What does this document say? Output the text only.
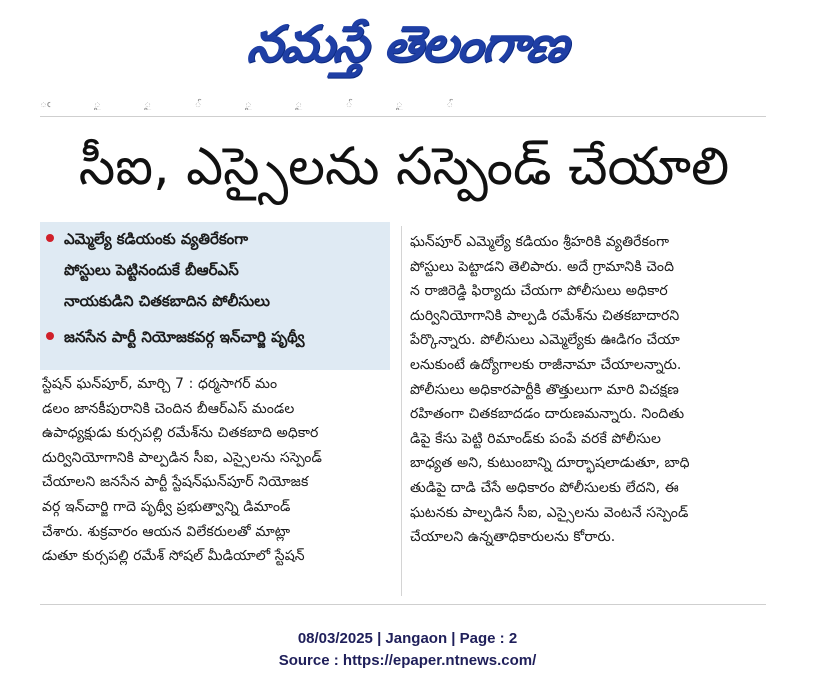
నమస్తే తెలంగాణ
ఁ ౖ ౖ ౕ ౖ ౖ ౕ ౖ ౕ
సీఐ, ఎస్సైలను సస్పెండ్‌ చేయాలి
ఎమ్మెల్యే కడియంకు వ్యతిరేకంగా
పోస్టులు పెట్టినందుకే బీఆర్‌ఎస్‌
నాయకుడిని చితకబాదిన పోలీసులు
జనసేన పార్టీ నియోజకవర్గ ఇన్‌చార్జి పృథ్వీ
స్టేషన్‌ ఘన్‌పూర్‌, మార్చి 7 : ధర్మసాగర్‌ మం
డలం జానకీపురానికి చెందిన బీఆర్‌ఎస్‌ మండల
ఉపాధ్యక్షుడు కుర్సపల్లి రమేశ్‌ను చితకబాది అధికార
దుర్వినియోగానికి పాల్పడిన సీఐ, ఎస్సైలను సస్పెండ్‌
చేయాలని జనసేన పార్టీ స్టేషన్‌ఘన్‌పూర్‌ నియోజక
వర్గ ఇన్‌చార్జి గాదె పృథ్వీ ప్రభుత్వాన్ని డిమాండ్‌
చేశారు. శుక్రవారం ఆయన విలేకరులతో మాట్లా
డుతూ కుర్సపల్లి రమేశ్‌ సోషల్‌ మీడియాలో స్టేషన్‌
ఘన్‌పూర్‌ ఎమ్మెల్యే కడియం శ్రీహరికి వ్యతిరేకంగా
పోస్టులు పెట్టాడని తెలిపారు. అదే గ్రామానికి చెంది
న రాజిరెడ్డి ఫిర్యాదు చేయగా పోలీసులు అధికార
దుర్వినియోగానికి పాల్పడి రమేశ్‌ను చితకబాదారని
పేర్కొన్నారు. పోలీసులు ఎమ్మెల్యేకు ఊడిగం చేయా
లనుకుంటే ఉద్యోగాలకు రాజీనామా చేయాలన్నారు.
పోలీసులు అధికారపార్టీకి తొత్తులుగా మారి విచక్షణ
రహితంగా చితకబాదడం దారుణమన్నారు. నిందితు
డిపై కేసు పెట్టి రిమాండ్‌కు పంపే వరకే పోలీసుల
బాధ్యత అని, కుటుంబాన్ని దూర్భాషలాడుతూ, బాధి
తుడిపై దాడి చేసే అధికారం పోలీసులకు లేదని, ఈ
ఘటనకు పాల్పడిన సీఐ, ఎస్సైలను వెంటనే సస్పెండ్‌
చేయాలని ఉన్నతాధికారులను కోరారు.
08/03/2025 | Jangaon | Page : 2
Source : https://epaper.ntnews.com/
